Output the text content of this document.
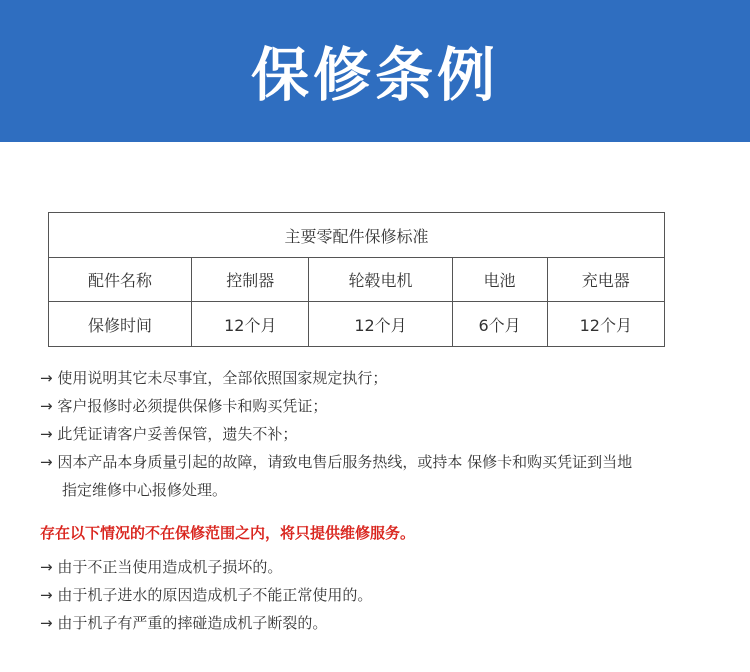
保修条例
主要零配件保修标准				
配件名称	控制器	轮毂电机	电池	充电器
保修时间	12个月	12个月	6个月	12个月
→ 使用说明其它未尽事宜，全部依照国家规定执行；
→ 客户报修时必须提供保修卡和购买凭证；
→ 此凭证请客户妥善保管，遗失不补；
→ 因本产品本身质量引起的故障，请致电售后服务热线，或持本 保修卡和购买凭证到当地
指定维修中心报修处理。
存在以下情况的不在保修范围之内，将只提供维修服务。
→ 由于不正当使用造成机子损坏的。
→ 由于机子进水的原因造成机子不能正常使用的。
→ 由于机子有严重的摔碰造成机子断裂的。
